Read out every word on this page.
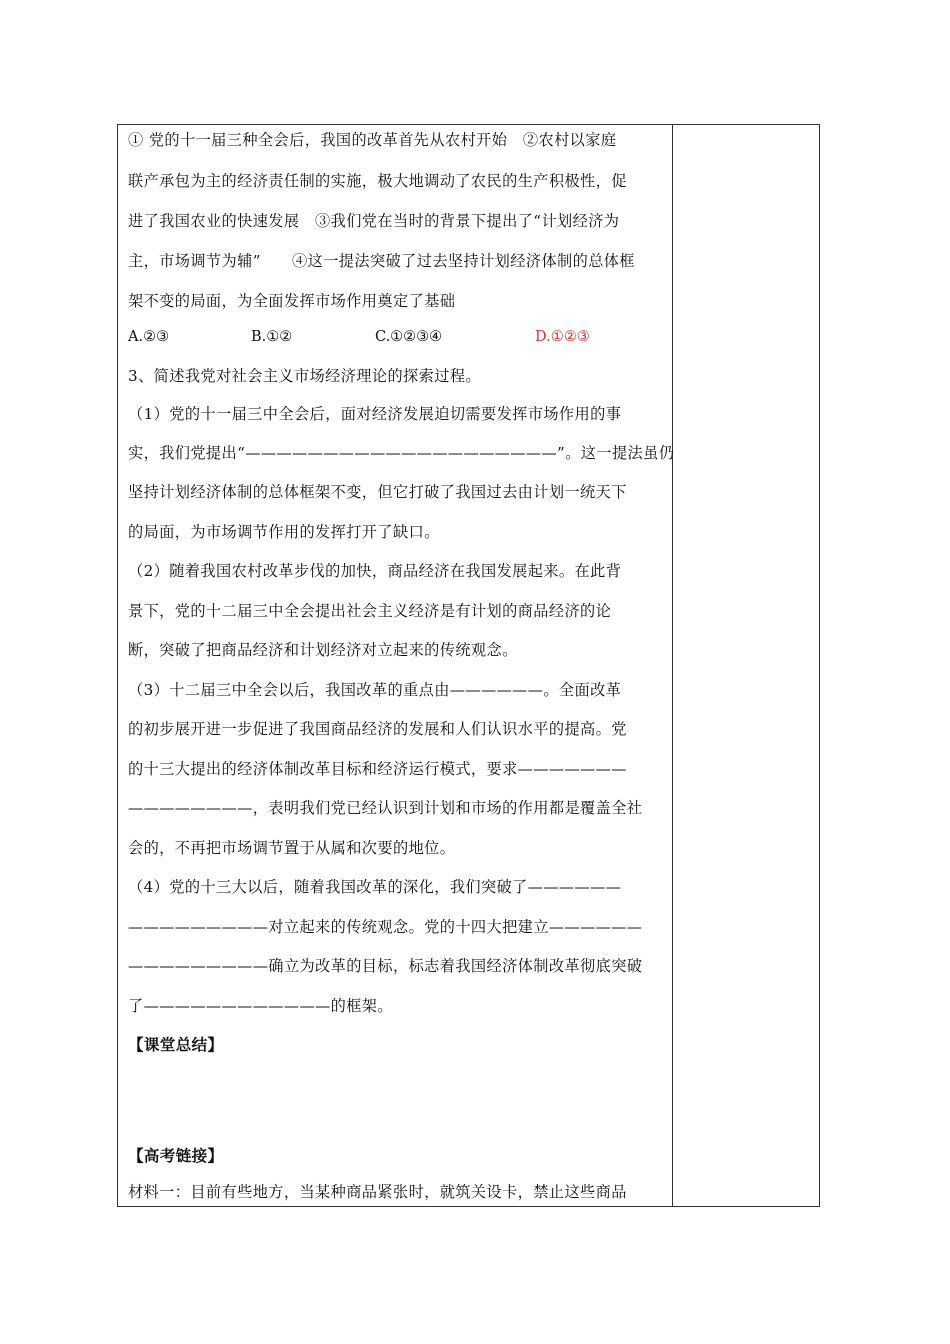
① 党的十一届三种全会后，我国的改革首先从农村开始　②农村以家庭
联产承包为主的经济责任制的实施，极大地调动了农民的生产积极性，促
进了我国农业的快速发展　③我们党在当时的背景下提出了“计划经济为
主，市场调节为辅”　　④这一提法突破了过去坚持计划经济体制的总体框
架不变的局面，为全面发挥市场作用奠定了基础
A.②③	B.①②	C.①②③④	D.①②③
3、简述我党对社会主义市场经济理论的探索过程。
（1）党的十一届三中全会后，面对经济发展迫切需要发挥市场作用的事
实，我们党提出“————————————————————”。这一提法虽仍
坚持计划经济体制的总体框架不变，但它打破了我国过去由计划一统天下
的局面，为市场调节作用的发挥打开了缺口。
（2）随着我国农村改革步伐的加快，商品经济在我国发展起来。在此背
景下，党的十二届三中全会提出社会主义经济是有计划的商品经济的论
断，突破了把商品经济和计划经济对立起来的传统观念。
（3）十二届三中全会以后，我国改革的重点由——————。全面改革
的初步展开进一步促进了我国商品经济的发展和人们认识水平的提高。党
的十三大提出的经济体制改革目标和经济运行模式，要求———————
————————，表明我们党已经认识到计划和市场的作用都是覆盖全社
会的，不再把市场调节置于从属和次要的地位。
（4）党的十三大以后，随着我国改革的深化，我们突破了——————
—————————对立起来的传统观念。党的十四大把建立——————
—————————确立为改革的目标，标志着我国经济体制改革彻底突破
了————————————的框架。
【课堂总结】
【高考链接】
材料一：目前有些地方，当某种商品紧张时，就筑关设卡，禁止这些商品
